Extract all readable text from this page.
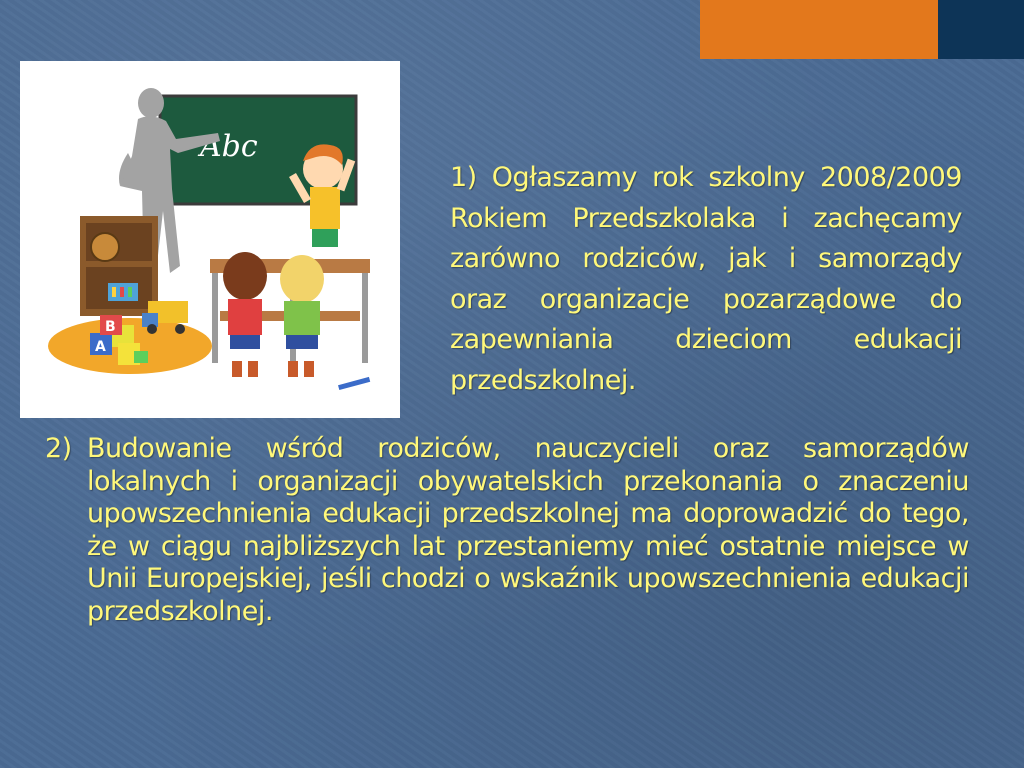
Abc
A
B
1) Ogłaszamy rok szkolny 2008/2009 Rokiem Przedszkolaka i zachęcamy zarówno rodziców, jak i samorządy oraz organizacje pozarządowe do zapewniania dzieciom edukacji przedszkolnej.
2) Budowanie wśród rodziców, nauczycieli oraz samorządów lokalnych i organizacji obywatelskich przekonania o znaczeniu upowszechnienia edukacji przedszkolnej ma doprowadzić do tego, że w ciągu najbliższych lat przestaniemy mieć ostatnie miejsce w Unii Europejskiej, jeśli chodzi o wskaźnik upowszechnienia edukacji przedszkolnej.
